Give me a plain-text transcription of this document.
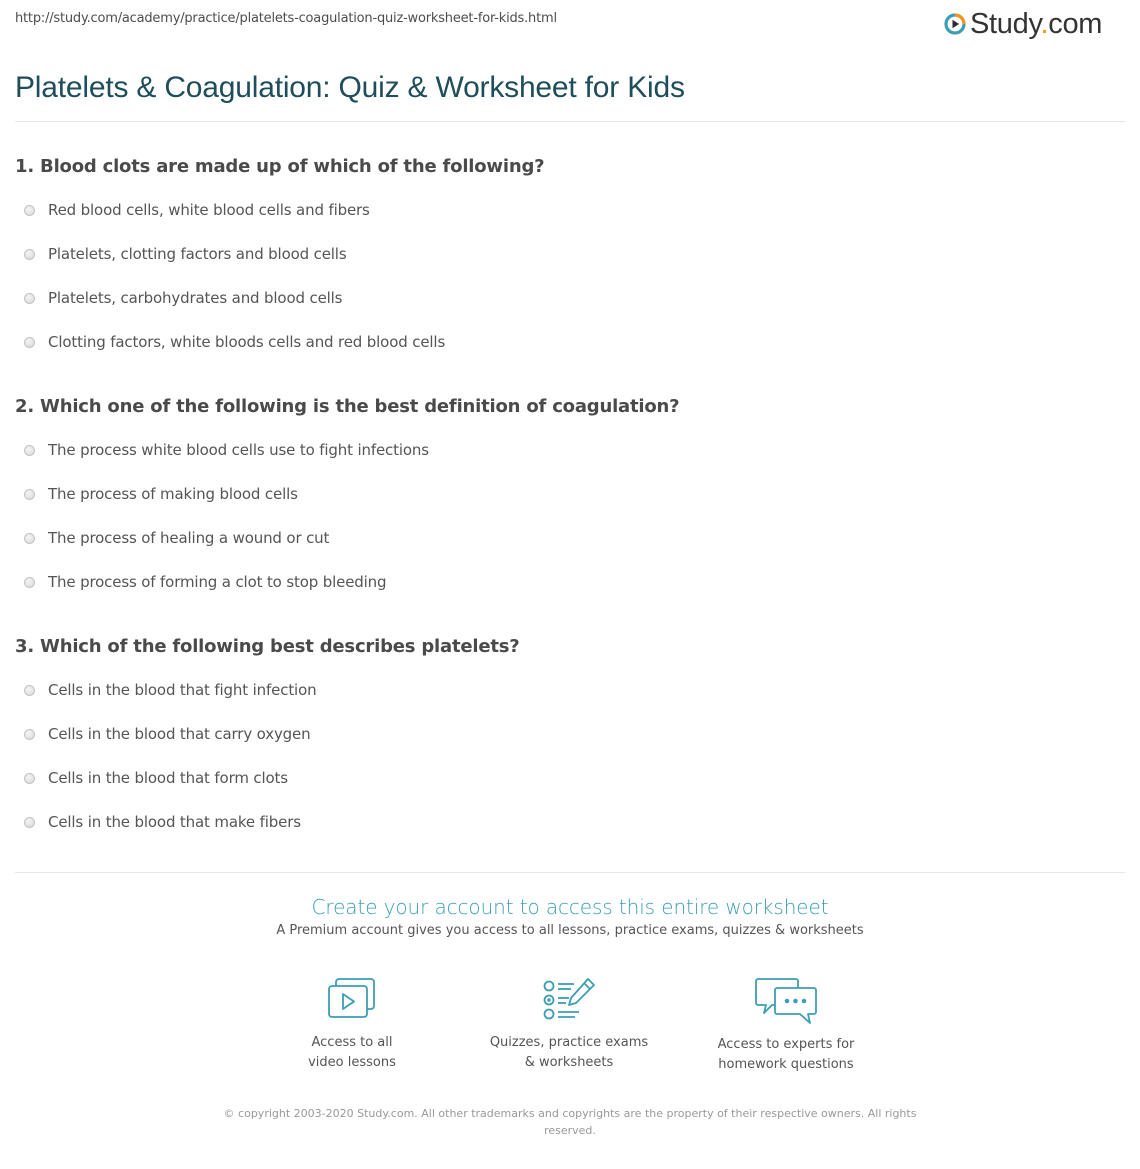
http://study.com/academy/practice/platelets-coagulation-quiz-worksheet-for-kids.html	Study.com
Platelets & Coagulation: Quiz & Worksheet for Kids
1. Blood clots are made up of which of the following?
Red blood cells, white blood cells and fibers
Platelets, clotting factors and blood cells
Platelets, carbohydrates and blood cells
Clotting factors, white bloods cells and red blood cells
2. Which one of the following is the best definition of coagulation?
The process white blood cells use to fight infections
The process of making blood cells
The process of healing a wound or cut
The process of forming a clot to stop bleeding
3. Which of the following best describes platelets?
Cells in the blood that fight infection
Cells in the blood that carry oxygen
Cells in the blood that form clots
Cells in the blood that make fibers
Create your account to access this entire worksheet
A Premium account gives you access to all lessons, practice exams, quizzes & worksheets
Access to all
video lessons
Quizzes, practice exams
& worksheets
Access to experts for
homework questions
© copyright 2003-2020 Study.com. All other trademarks and copyrights are the property of their respective owners. All rights reserved.
